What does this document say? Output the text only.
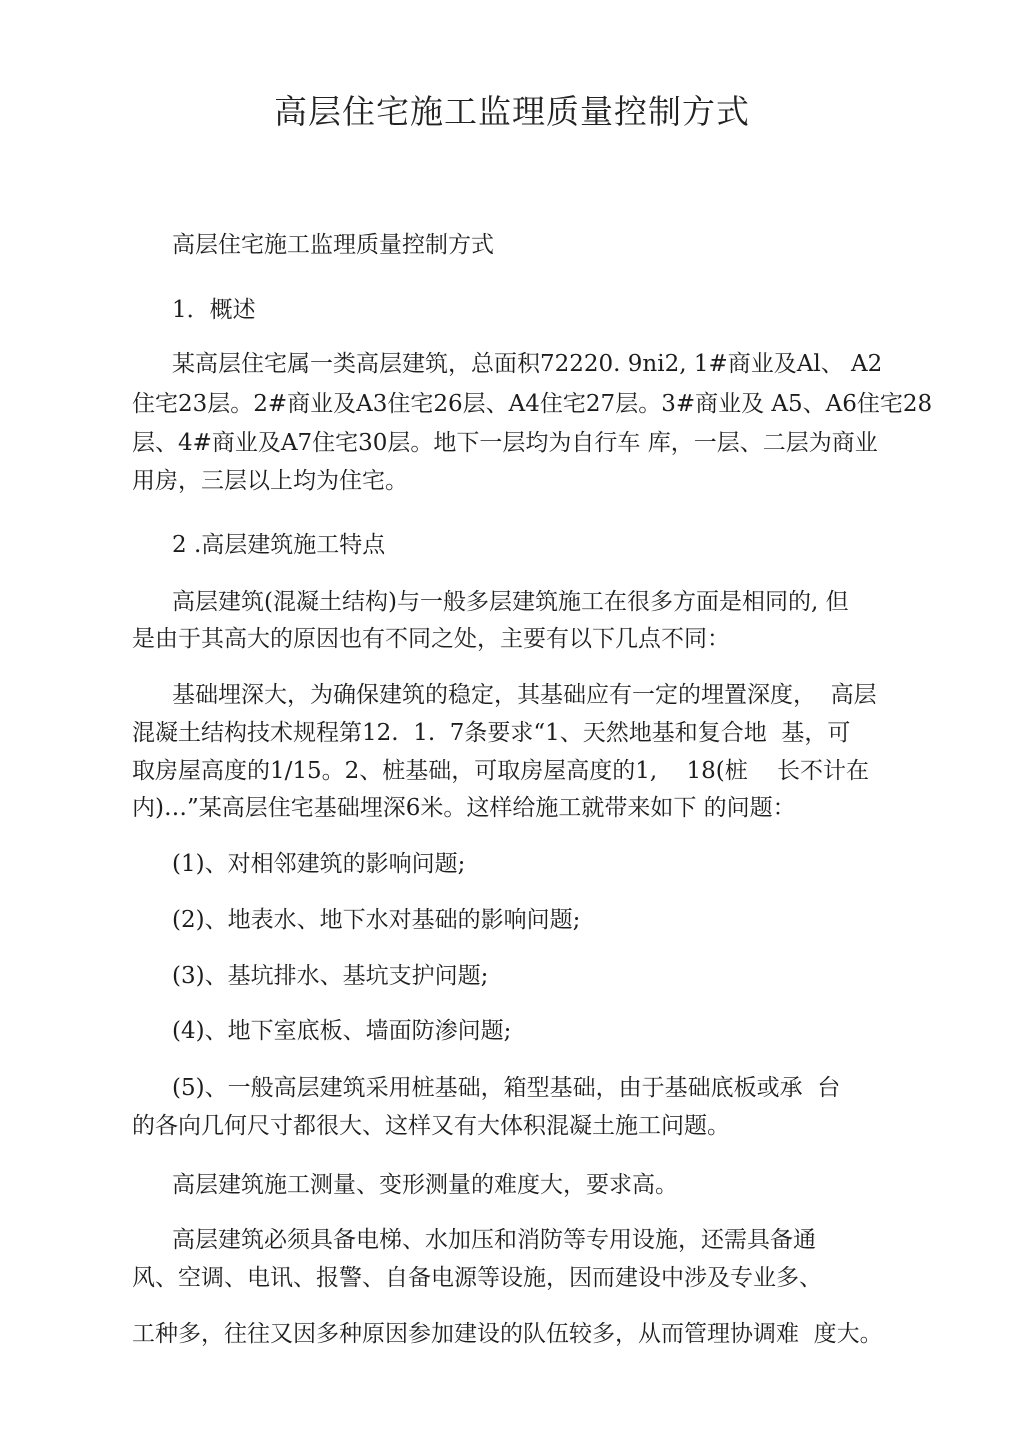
高层住宅施工监理质量控制方式
高层住宅施工监理质量控制方式
1．概述
某高层住宅属一类高层建筑，总面积72220. 9ni2, 1#商业及Al、 A2
住宅23层。2#商业及A3住宅26层、A4住宅27层。3#商业及 A5、A6住宅28
层、4#商业及A7住宅30层。地下一层均为自行车 库，一层、二层为商业
用房，三层以上均为住宅。
2 .高层建筑施工特点
高层建筑(混凝土结构)与一般多层建筑施工在很多方面是相同的, 但
是由于其高大的原因也有不同之处，主要有以下几点不同：
基础埋深大，为确保建筑的稳定，其基础应有一定的埋置深度，  高层
混凝土结构技术规程第12.  1.  7条要求“1、天然地基和复合地  基，可
取房屋高度的1/15。2、桩基础，可取房屋高度的1,    18(桩    长不计在
内)…”某高层住宅基础埋深6米。这样给施工就带来如下 的问题：
(1)、对相邻建筑的影响问题;
(2)、地表水、地下水对基础的影响问题;
(3)、基坑排水、基坑支护问题;
(4)、地下室底板、墙面防渗问题;
(5)、一般高层建筑采用桩基础，箱型基础，由于基础底板或承  台
的各向几何尺寸都很大、这样又有大体积混凝土施工问题。
高层建筑施工测量、变形测量的难度大，要求高。
高层建筑必须具备电梯、水加压和消防等专用设施，还需具备通
风、空调、电讯、报警、自备电源等设施，因而建设中涉及专业多、
工种多，往往又因多种原因参加建设的队伍较多，从而管理协调难  度大。
